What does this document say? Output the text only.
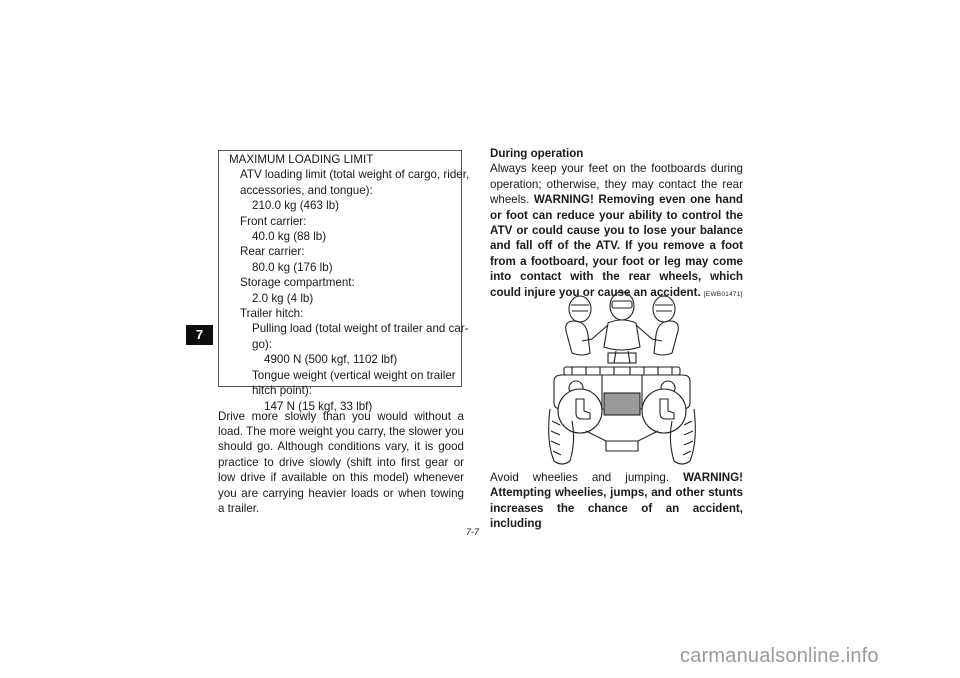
7
MAXIMUM LOADING LIMIT
ATV loading limit (total weight of cargo, rider,
accessories, and tongue):
210.0 kg (463 lb)
Front carrier:
40.0 kg (88 lb)
Rear carrier:
80.0 kg (176 lb)
Storage compartment:
2.0 kg (4 lb)
Trailer hitch:
Pulling load (total weight of trailer and car-
go):
4900 N (500 kgf, 1102 lbf)
Tongue weight (vertical weight on trailer
hitch point):
147 N (15 kgf, 33 lbf)

Drive more slowly than you would without a load. The more weight you carry, the slower you should go. Although conditions vary, it is good practice to drive slowly (shift into first gear or low drive if available on this model) whenever you are carrying heavier loads or when towing a trailer.

During operation

Always keep your feet on the footboards during operation; otherwise, they may contact the rear wheels. WARNING! Removing even one hand or foot can reduce your ability to control the ATV or could cause you to lose your balance and fall off of the ATV. If you remove a foot from a footboard, your foot or leg may come into contact with the rear wheels, which could injure you or cause an accident. [EWB01471]

Avoid wheelies and jumping. WARNING! Attempting wheelies, jumps, and other stunts increases the chance of an accident, including

7-7
carmanualsonline.info
